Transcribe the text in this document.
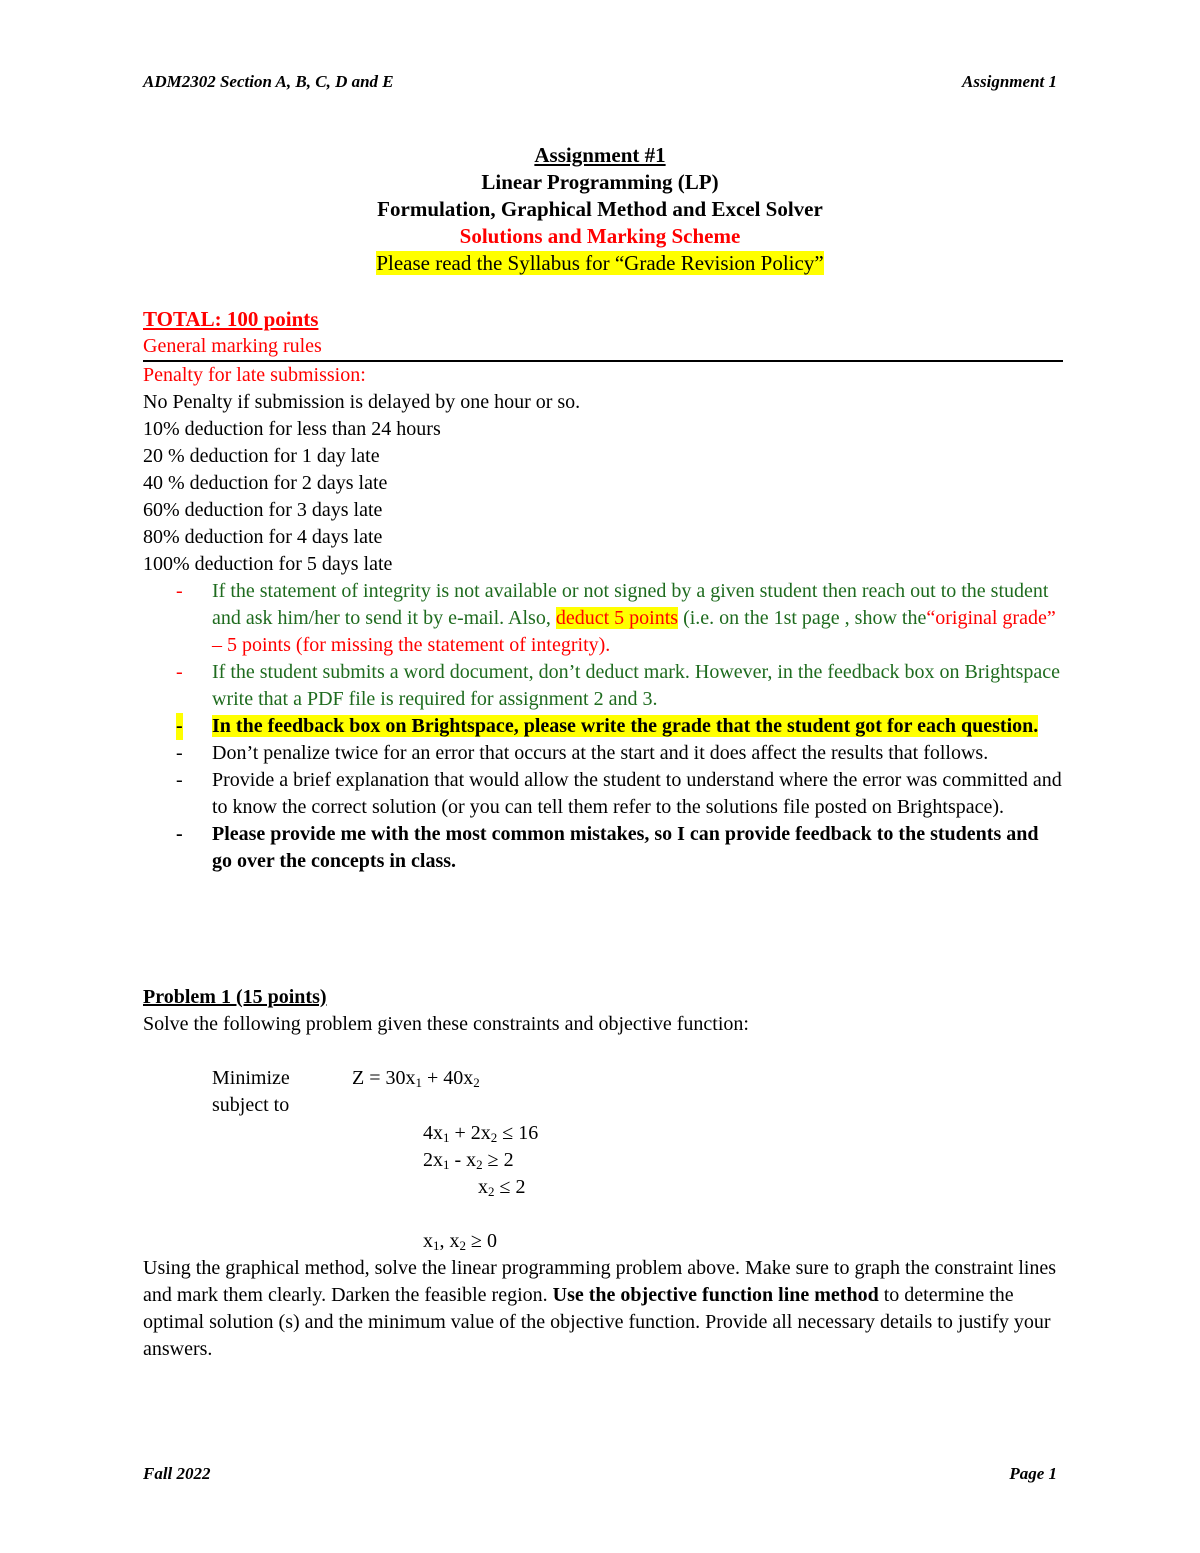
ADM2302 Section A, B, C, D and E	Assignment 1
Assignment #1
Linear Programming (LP)
Formulation, Graphical Method and Excel Solver
Solutions and Marking Scheme
Please read the Syllabus for “Grade Revision Policy”
TOTAL: 100 points
General marking rules
Penalty for late submission:
No Penalty if submission is delayed by one hour or so.
10% deduction for less than 24 hours
20 % deduction for 1 day late
40 % deduction for 2 days late
60% deduction for 3 days late
80% deduction for 4 days late
100% deduction for 5 days late
- If the statement of integrity is not available or not signed by a given student then reach out to the student and ask him/her to send it by e-mail. Also, deduct 5 points (i.e. on the 1st page , show the“original grade” – 5 points (for missing the statement of integrity).
- If the student submits a word document, don’t deduct mark. However, in the feedback box on Brightspace write that a PDF file is required for assignment 2 and 3.
- In the feedback box on Brightspace, please write the grade that the student got for each question.
- Don’t penalize twice for an error that occurs at the start and it does affect the results that follows.
- Provide a brief explanation that would allow the student to understand where the error was committed and to know the correct solution (or you can tell them refer to the solutions file posted on Brightspace).
- Please provide me with the most common mistakes, so I can provide feedback to the students and go over the concepts in class.
Problem 1 (15 points)
Solve the following problem given these constraints and objective function:
Minimize
subject to
$Z = 30x_1 + 40x_2$
$4x_1 + 2x_2 \le 16$
$2x_1 - x_2 \ge 2$
$x_2 \le 2$
$x_1$, $x_2 \ge 0$
Using the graphical method, solve the linear programming problem above. Make sure to graph the constraint lines and mark them clearly. Darken the feasible region. Use the objective function line method to determine the optimal solution (s) and the minimum value of the objective function. Provide all necessary details to justify your answers.
Fall 2022	Page 1
